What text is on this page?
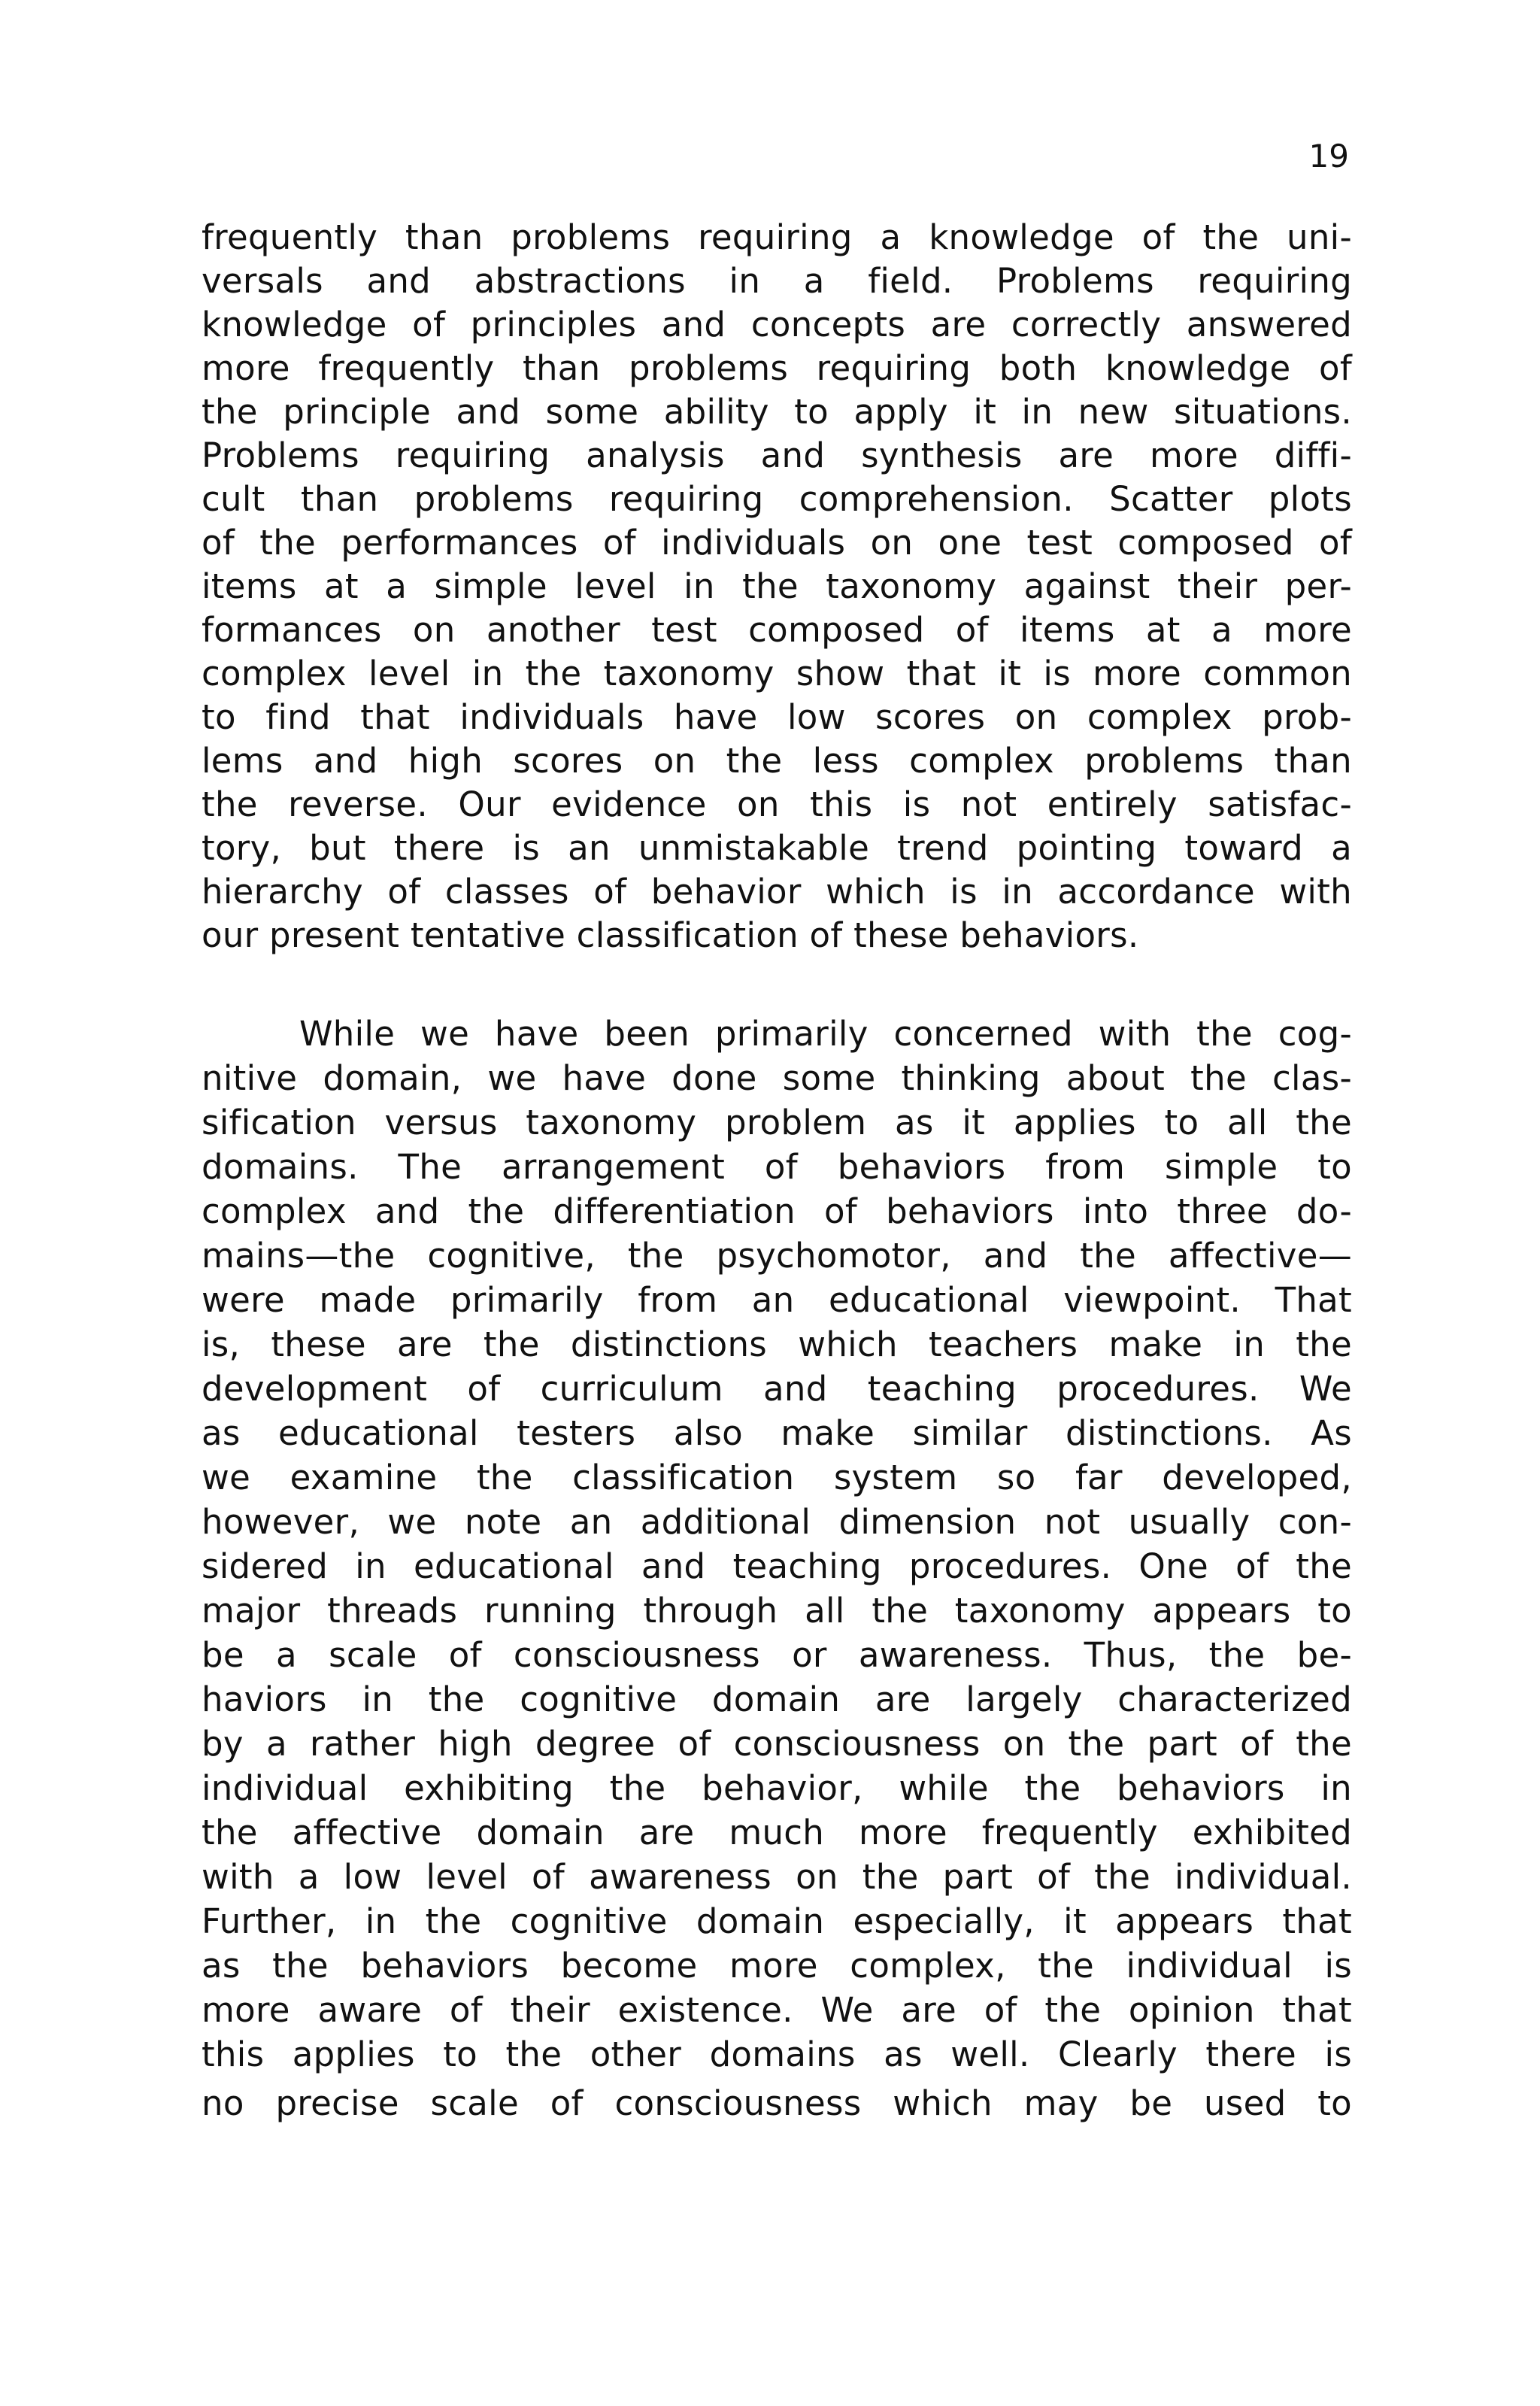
19
frequently than problems requiring a knowledge of the uni-
versals and abstractions in a field. Problems requiring
knowledge of principles and concepts are correctly answered
more frequently than problems requiring both knowledge of
the principle and some ability to apply it in new situations.
Problems requiring analysis and synthesis are more diffi-
cult than problems requiring comprehension. Scatter plots
of the performances of individuals on one test composed of
items at a simple level in the taxonomy against their per-
formances on another test composed of items at a more
complex level in the taxonomy show that it is more common
to find that individuals have low scores on complex prob-
lems and high scores on the less complex problems than
the reverse. Our evidence on this is not entirely satisfac-
tory, but there is an unmistakable trend pointing toward a
hierarchy of classes of behavior which is in accordance with
our present tentative classification of these behaviors.
While we have been primarily concerned with the cog-
nitive domain, we have done some thinking about the clas-
sification versus taxonomy problem as it applies to all the
domains. The arrangement of behaviors from simple to
complex and the differentiation of behaviors into three do-
mains—the cognitive, the psychomotor, and the affective—
were made primarily from an educational viewpoint. That
is, these are the distinctions which teachers make in the
development of curriculum and teaching procedures. We
as educational testers also make similar distinctions. As
we examine the classification system so far developed,
however, we note an additional dimension not usually con-
sidered in educational and teaching procedures. One of the
major threads running through all the taxonomy appears to
be a scale of consciousness or awareness. Thus, the be-
haviors in the cognitive domain are largely characterized
by a rather high degree of consciousness on the part of the
individual exhibiting the behavior, while the behaviors in
the affective domain are much more frequently exhibited
with a low level of awareness on the part of the individual.
Further, in the cognitive domain especially, it appears that
as the behaviors become more complex, the individual is
more aware of their existence. We are of the opinion that
this applies to the other domains as well. Clearly there is
no precise scale of consciousness which may be used to
